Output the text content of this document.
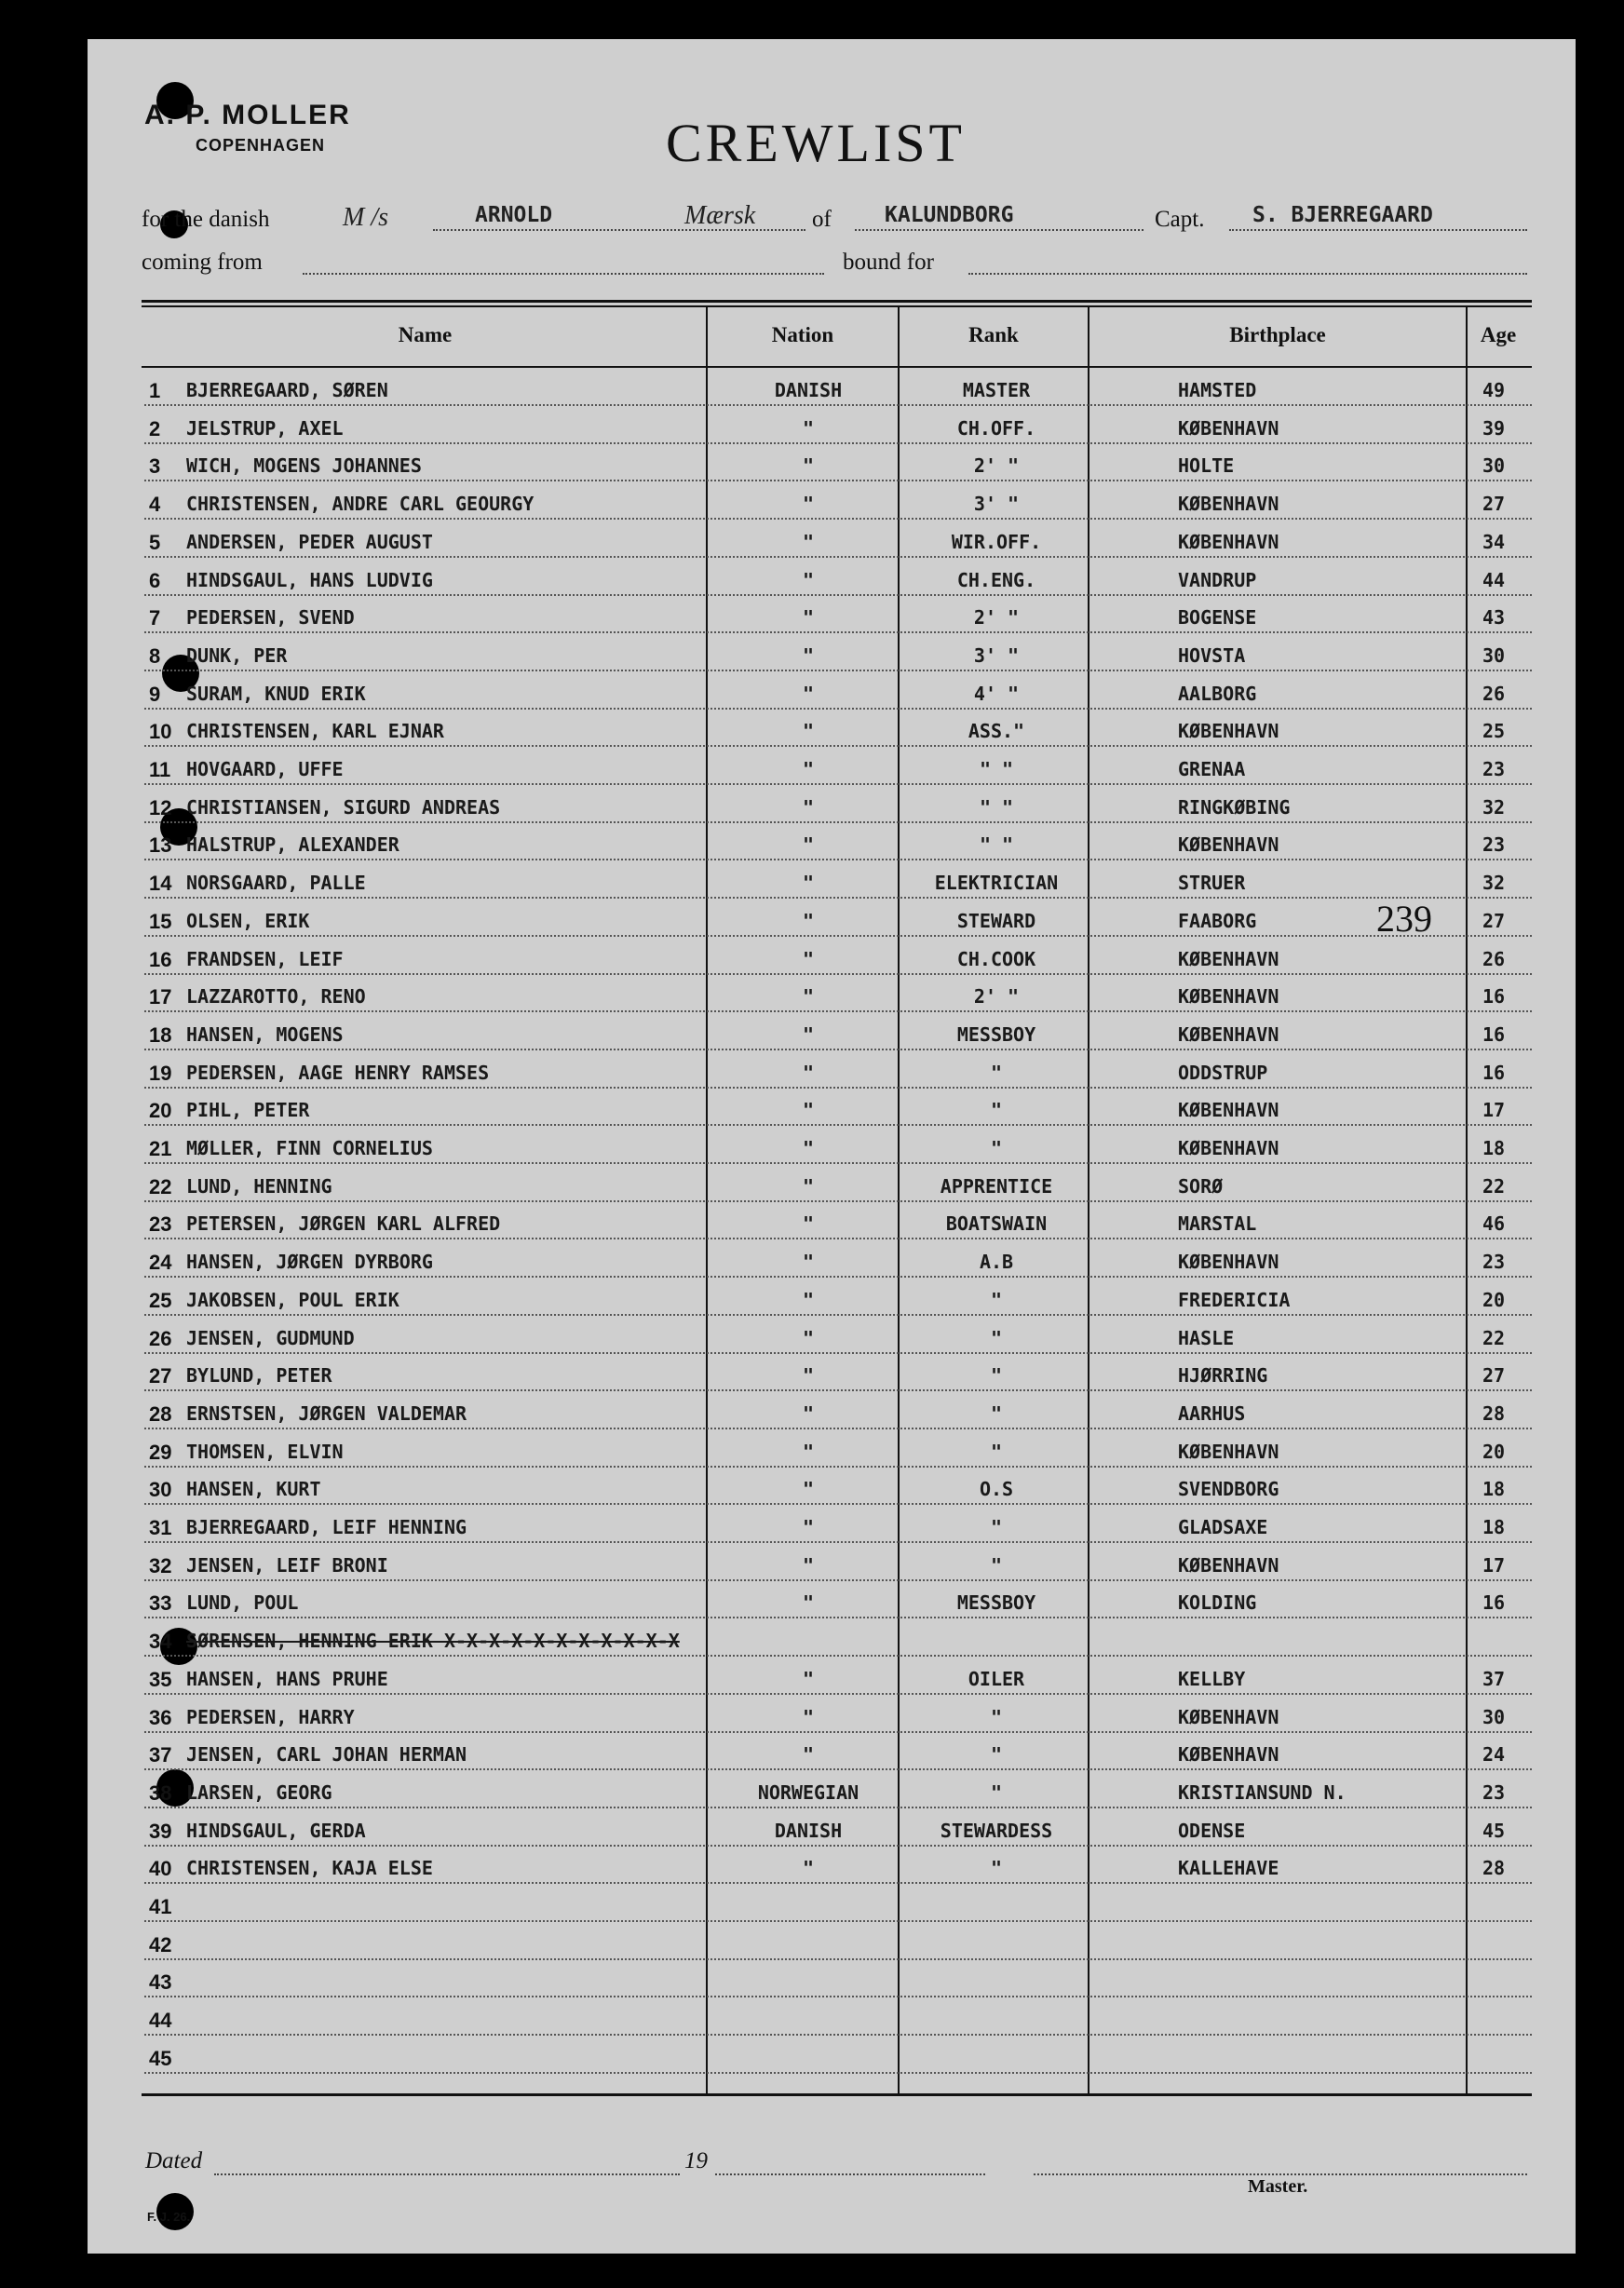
A. P. MOLLER
COPENHAGEN	CREWLIST
for the danish	M /s	ARNOLD	Mærsk of KALUNDBORG	Capt. S. BJERREGAARD
coming from	bound for
Name	Nation	Rank	Birthplace	Age
1	BJERREGAARD, SØREN	DANISH	MASTER	HAMSTED	49
2	JELSTRUP, AXEL	"	CH.OFF.	KØBENHAVN	39
3	WICH, MOGENS JOHANNES	"	2' "	HOLTE	30
4	CHRISTENSEN, ANDRE CARL GEOURGY	"	3' "	KØBENHAVN	27
5	ANDERSEN, PEDER AUGUST	"	WIR.OFF.	KØBENHAVN	34
6	HINDSGAUL, HANS LUDVIG	"	CH.ENG.	VANDRUP	44
7	PEDERSEN, SVEND	"	2' "	BOGENSE	43
8	DUNK, PER	"	3' "	HOVSTA	30
9	SURAM, KNUD ERIK	"	4' "	AALBORG	26
10 CHRISTENSEN, KARL EJNAR	"	ASS."	KØBENHAVN	25
11 HOVGAARD, UFFE	"	" "	GRENAA	23
12 CHRISTIANSEN, SIGURD ANDREAS	"	" "	RINGKØBING	32
13 HALSTRUP, ALEXANDER	"	" "	KØBENHAVN	23
14 NORSGAARD, PALLE	"	ELEKTRICIAN	STRUER	32
15 OLSEN, ERIK	"	STEWARD	FAABORG	27
16 FRANDSEN, LEIF	"	CH.COOK	KØBENHAVN	26
17 LAZZAROTTO, RENO	"	2' "	KØBENHAVN	16
18 HANSEN, MOGENS	"	MESSBOY	KØBENHAVN	16
19 PEDERSEN, AAGE HENRY RAMSES	"	"	ODDSTRUP	16
20 PIHL, PETER	"	"	KØBENHAVN	17
21 MØLLER, FINN CORNELIUS	"	"	KØBENHAVN	18
22 LUND, HENNING	"	APPRENTICE	SORØ	22
23 PETERSEN, JØRGEN KARL ALFRED	"	BOATSWAIN	MARSTAL	46
24 HANSEN, JØRGEN DYRBORG	"	A.B	KØBENHAVN	23
25 JAKOBSEN, POUL ERIK	"	"	FREDERICIA	20
26 JENSEN, GUDMUND	"	"	HASLE	22
27 BYLUND, PETER	"	"	HJØRRING	27
28 ERNSTSEN, JØRGEN VALDEMAR	"	"	AARHUS	28
29 THOMSEN, ELVIN	"	"	KØBENHAVN	20
30 HANSEN, KURT	"	O.S	SVENDBORG	18
31 BJERREGAARD, LEIF HENNING	"	"	GLADSAXE	18
32 JENSEN, LEIF BRONI	"	"	KØBENHAVN	17
33 LUND, POUL	"	MESSBOY	KOLDING	16
34 SØRENSEN, HENNING ERIK X-X-X-X-X-X-X-X-X-X-X
35 HANSEN, HANS PRUHE	"	OILER	KELLBY	37
36 PEDERSEN, HARRY	"	"	KØBENHAVN	30
37 JENSEN, CARL JOHAN HERMAN	"	"	KØBENHAVN	24
38 LARSEN, GEORG	NORWEGIAN	"	KRISTIANSUND N.	23
39 HINDSGAUL, GERDA	DANISH	STEWARDESS	ODENSE	45
40 CHRISTENSEN, KAJA ELSE	"	"	KALLEHAVE	28
41
42
43
44
45
239
Dated	19
Master.
F. J. 26.
